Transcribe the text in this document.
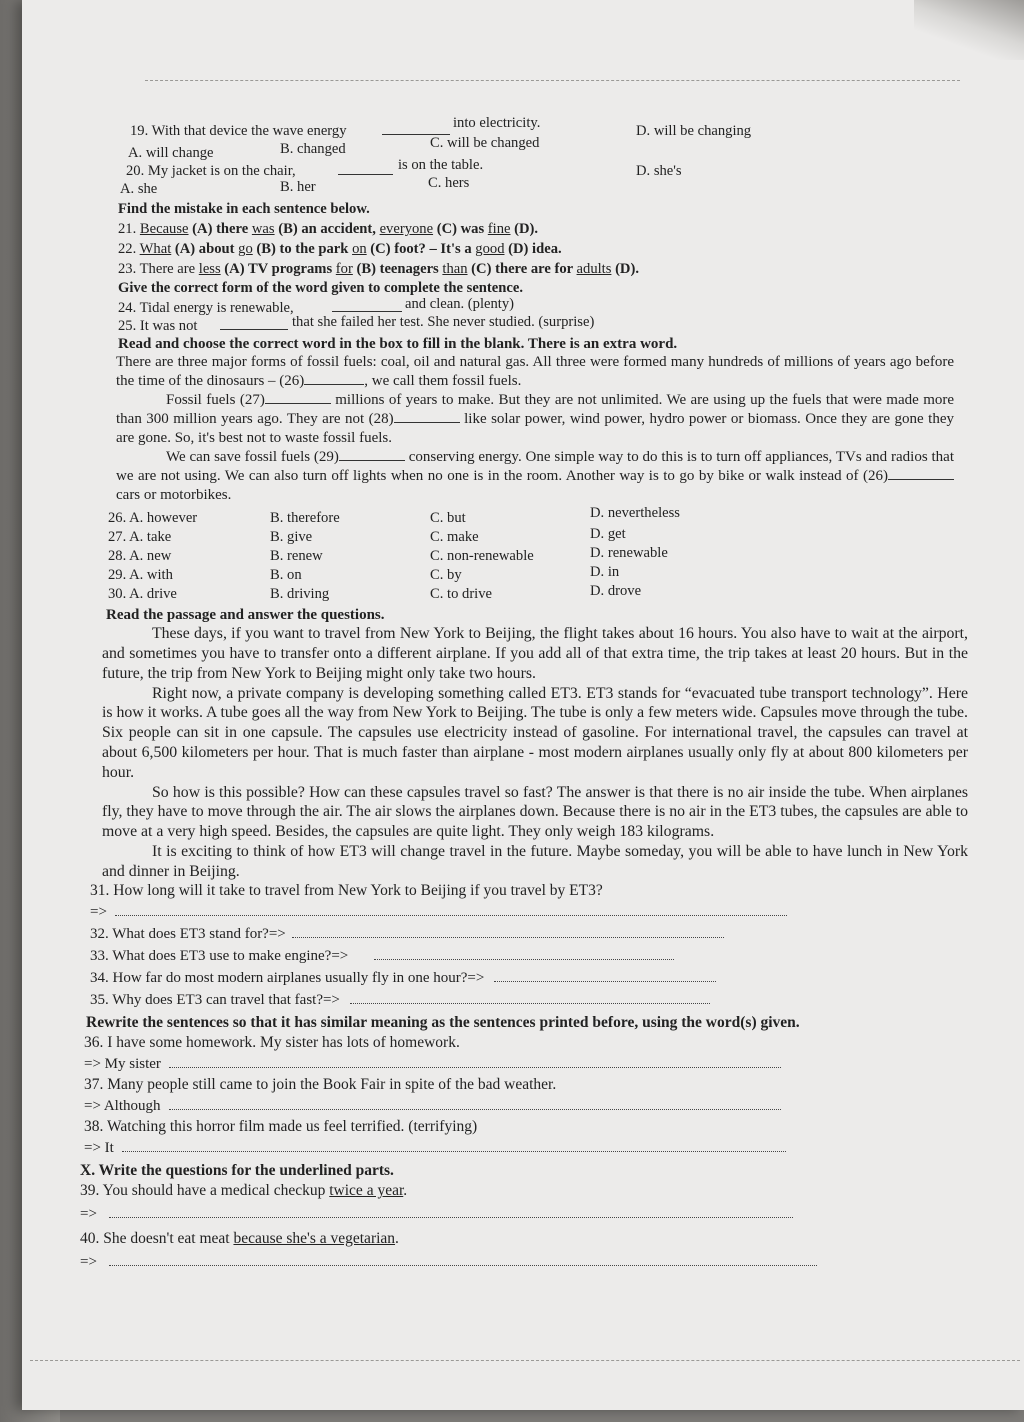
19. With that device the wave energy	into electricity.
A. will change	B. changed	C. will be changed
D. will be changing
20. My jacket is on the chair,	is on the table.	D. she's
A. she	B. her	C. hers
Find the mistake in each sentence below.
21. Because (A) there was (B) an accident, everyone (C) was fine (D).
22. What (A) about go (B) to the park on (C) foot? – It's a good (D) idea.
23. There are less (A) TV programs for (B) teenagers than (C) there are for adults (D).
Give the correct form of the word given to complete the sentence.
24. Tidal energy is renewable,	and clean. (plenty)
25. It was not	that she failed her test. She never studied. (surprise)
Read and choose the correct word in the box to fill in the blank. There is an extra word.

There are three major forms of fossil fuels: coal, oil and natural gas. All three were formed many hundreds of millions of years ago before the time of the dinosaurs – (26)	, we call them fossil fuels.

Fossil fuels (27)	millions of years to make. But they are not unlimited. We are using up the fuels that were made more than 300 million years ago. They are not (28)	like solar power, wind power, hydro power or biomass. Once they are gone they are gone. So, it's best not to waste fossil fuels.

We can save fossil fuels (29)	conserving energy. One simple way to do this is to turn off appliances, TVs and radios that we are not using. We can also turn off lights when no one is in the room. Another way is to go by bike or walk instead of (26) cars or motorbikes.

26. A. however	B. therefore	C. but	D. nevertheless
27. A. take	B. give	C. make	D. get
28. A. new	B. renew	C. non-renewable	D. renewable
29. A. with	B. on	C. by	D. in
30. A. drive	B. driving	C. to drive	D. drove
Read the passage and answer the questions.

These days, if you want to travel from New York to Beijing, the flight takes about 16 hours. You also have to wait at the airport, and sometimes you have to transfer onto a different airplane. If you add all of that extra time, the trip takes at least 20 hours. But in the future, the trip from New York to Beijing might only take two hours.

Right now, a private company is developing something called ET3. ET3 stands for “evacuated tube transport technology”. Here is how it works. A tube goes all the way from New York to Beijing. The tube is only a few meters wide. Capsules move through the tube. Six people can sit in one capsule. The capsules use electricity instead of gasoline. For international travel, the capsules can travel at about 6,500 kilometers per hour. That is much faster than airplane - most modern airplanes usually only fly at about 800 kilometers per hour.

So how is this possible? How can these capsules travel so fast? The answer is that there is no air inside the tube. When airplanes fly, they have to move through the air. The air slows the airplanes down. Because there is no air in the ET3 tubes, the capsules are able to move at a very high speed. Besides, the capsules are quite light. They only weigh 183 kilograms.

It is exciting to think of how ET3 will change travel in the future. Maybe someday, you will be able to have lunch in New York and dinner in Beijing.

31. How long will it take to travel from New York to Beijing if you travel by ET3?
=>
32. What does ET3 stand for?=>
33. What does ET3 use to make engine?=>
34. How far do most modern airplanes usually fly in one hour?=>
35. Why does ET3 can travel that fast?=>
Rewrite the sentences so that it has similar meaning as the sentences printed before, using the word(s) given.
36. I have some homework. My sister has lots of homework.
=> My sister
37. Many people still came to join the Book Fair in spite of the bad weather.
=> Although
38. Watching this horror film made us feel terrified. (terrifying)
=> It
X. Write the questions for the underlined parts.
39. You should have a medical checkup twice a year.
=>
40. She doesn't eat meat because she's a vegetarian.
=>
